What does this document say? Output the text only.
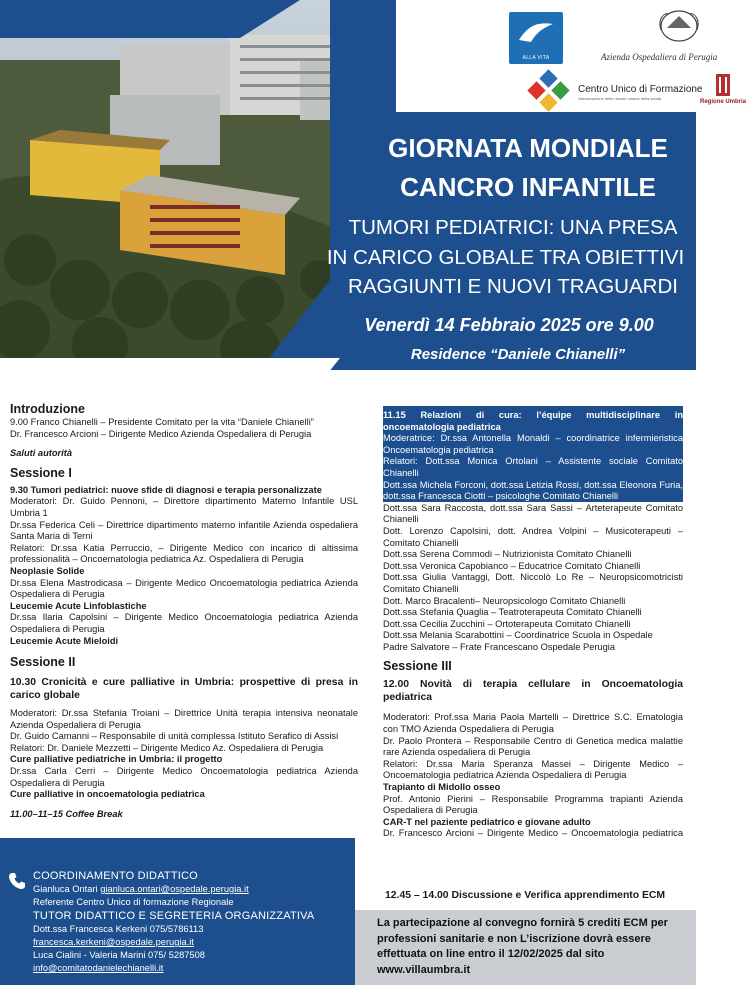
ALLA VITA	Azienda Ospedaliera di Perugia
Centro Unico di Formazione
Valorizzazione delle risorse umane della sanità
Regione Umbria
GIORNATA MONDIALE
CANCRO INFANTILE
TUMORI PEDIATRICI: UNA PRESA
IN CARICO GLOBALE TRA OBIETTIVI
RAGGIUNTI E NUOVI TRAGUARDI
Venerdì 14 Febbraio 2025 ore 9.00
Residence “Daniele Chianelli”
Introduzione

9.00 Franco Chianelli – Presidente Comitato per la vita “Daniele Chianelli”

Dr. Francesco Arcioni – Dirigente Medico Azienda Ospedaliera di Perugia

Saluti autorità

Sessione I

9.30 Tumori pediatrici: nuove sfide di diagnosi e terapia personalizzate

Moderatori: Dr. Guido Pennoni, – Direttore dipartimento Materno Infantile USL Umbria 1

Dr.ssa Federica Celi – Direttrice dipartimento materno infantile Azienda ospedaliera Santa Maria di Terni

Relatori: Dr.ssa Katia Perruccio, – Dirigente Medico con incarico di altissima professionalità – Oncoematologia pediatrica Az. Ospedaliera di Perugia

Neoplasie Solide

Dr.ssa Elena Mastrodicasa – Dirigente Medico Oncoematologia pediatrica Azienda Ospedaliera di Perugia

Leucemie Acute Linfoblastiche

Dr.ssa Ilaria Capolsini – Dirigente Medico Oncoematologia pediatrica Azienda Ospedaliera di Perugia

Leucemie Acute Mieloidi

Sessione II

10.30 Cronicità e cure palliative in Umbria: prospettive di presa in carico globale

Moderatori: Dr.ssa Stefania Troiani – Direttrice Unità terapia intensiva neonatale Azienda Ospedaliera di Perugia

Dr. Guido Camanni – Responsabile di unità complessa Istituto Serafico di Assisi

Relatori: Dr. Daniele Mezzetti – Dirigente Medico Az. Ospedaliera di Perugia

Cure palliative pediatriche in Umbria: il progetto

Dr.ssa Carla Cerri – Dirigente Medico Oncoematologia pediatrica Azienda Ospedaliera di Perugia

Cure palliative in oncoematologia pediatrica

11.00–11–15 Coffee Break

11.15 Relazioni di cura: l’équipe multidisciplinare in oncoematologia pediatrica

Moderatrice: Dr.ssa Antonella Monaldi – coordinatrice infermieristica Oncoematologia pediatrica

Relatori: Dott.ssa Monica Ortolani – Assistente sociale Comitato Chianelli

Dott.ssa Michela Forconi, dott.ssa Letizia Rossi, dott.ssa Eleonora Furia, dott.ssa Francesca Ciotti – psicologhe Comitato Chianelli

Dott.ssa Sara Raccosta, dott.ssa Sara Sassi – Arteterapeute Comitato Chianelli

Dott. Lorenzo Capolsini, dott. Andrea Volpini – Musicoterapeuti – Comitato Chianelli

Dott.ssa Serena Commodi – Nutrizionista Comitato Chianelli

Dott.ssa Veronica Capobianco – Educatrice Comitato Chianelli

Dott.ssa Giulia Vantaggi, Dott. Niccolò Lo Re – Neuropsicomotricisti Comitato Chianelli

Dott. Marco Bracalenti– Neuropsicologo Comitato Chianelli

Dott.ssa Stefania Quaglia – Teatroterapeuta Comitato Chianelli

Dott.ssa Cecilia Zucchini – Ortoterapeuta Comitato Chianelli

Dott.ssa Melania Scarabottini – Coordinatrice Scuola in Ospedale

Padre Salvatore – Frate Francescano Ospedale Perugia

Sessione III

12.00 Novità di terapia cellulare in Oncoematologia pediatrica

Moderatori: Prof.ssa Maria Paola Martelli – Direttrice S.C. Ematologia con TMO Azienda Ospedaliera di Perugia

Dr. Paolo Prontera – Responsabile Centro di Genetica medica malattie rare Azienda ospedaliera di Perugia

Relatori: Dr.ssa Maria Speranza Massei – Dirigente Medico – Oncoematologia pediatrica Azienda Ospedaliera di Perugia

Trapianto di Midollo osseo

Prof. Antonio Pierini – Responsabile Programma trapianti Azienda Ospedaliera di Perugia

CAR-T nel paziente pediatrico e giovane adulto

Dr. Francesco Arcioni – Dirigente Medico – Oncoematologia pediatrica

COORDINAMENTO DIDATTICO
Gianluca Ontari gianluca.ontari@ospedale.perugia.it
Referente Centro Unico di formazione Regionale
TUTOR DIDATTICO E SEGRETERIA ORGANIZZATIVA
Dott.ssa Francesca Kerkeni 075/5786113
francesca.kerkeni@ospedale.perugia.it
Luca Cialini - Valeria Marini 075/ 5287508
info@comitatodanielechianelli.it
12.45 – 14.00 Discussione e Verifica apprendimento ECM
La partecipazione al convegno fornirà 5 crediti ECM per professioni sanitarie e non L’iscrizione dovrà essere effettuata on line entro il 12/02/2025 dal sito www.villaumbra.it
